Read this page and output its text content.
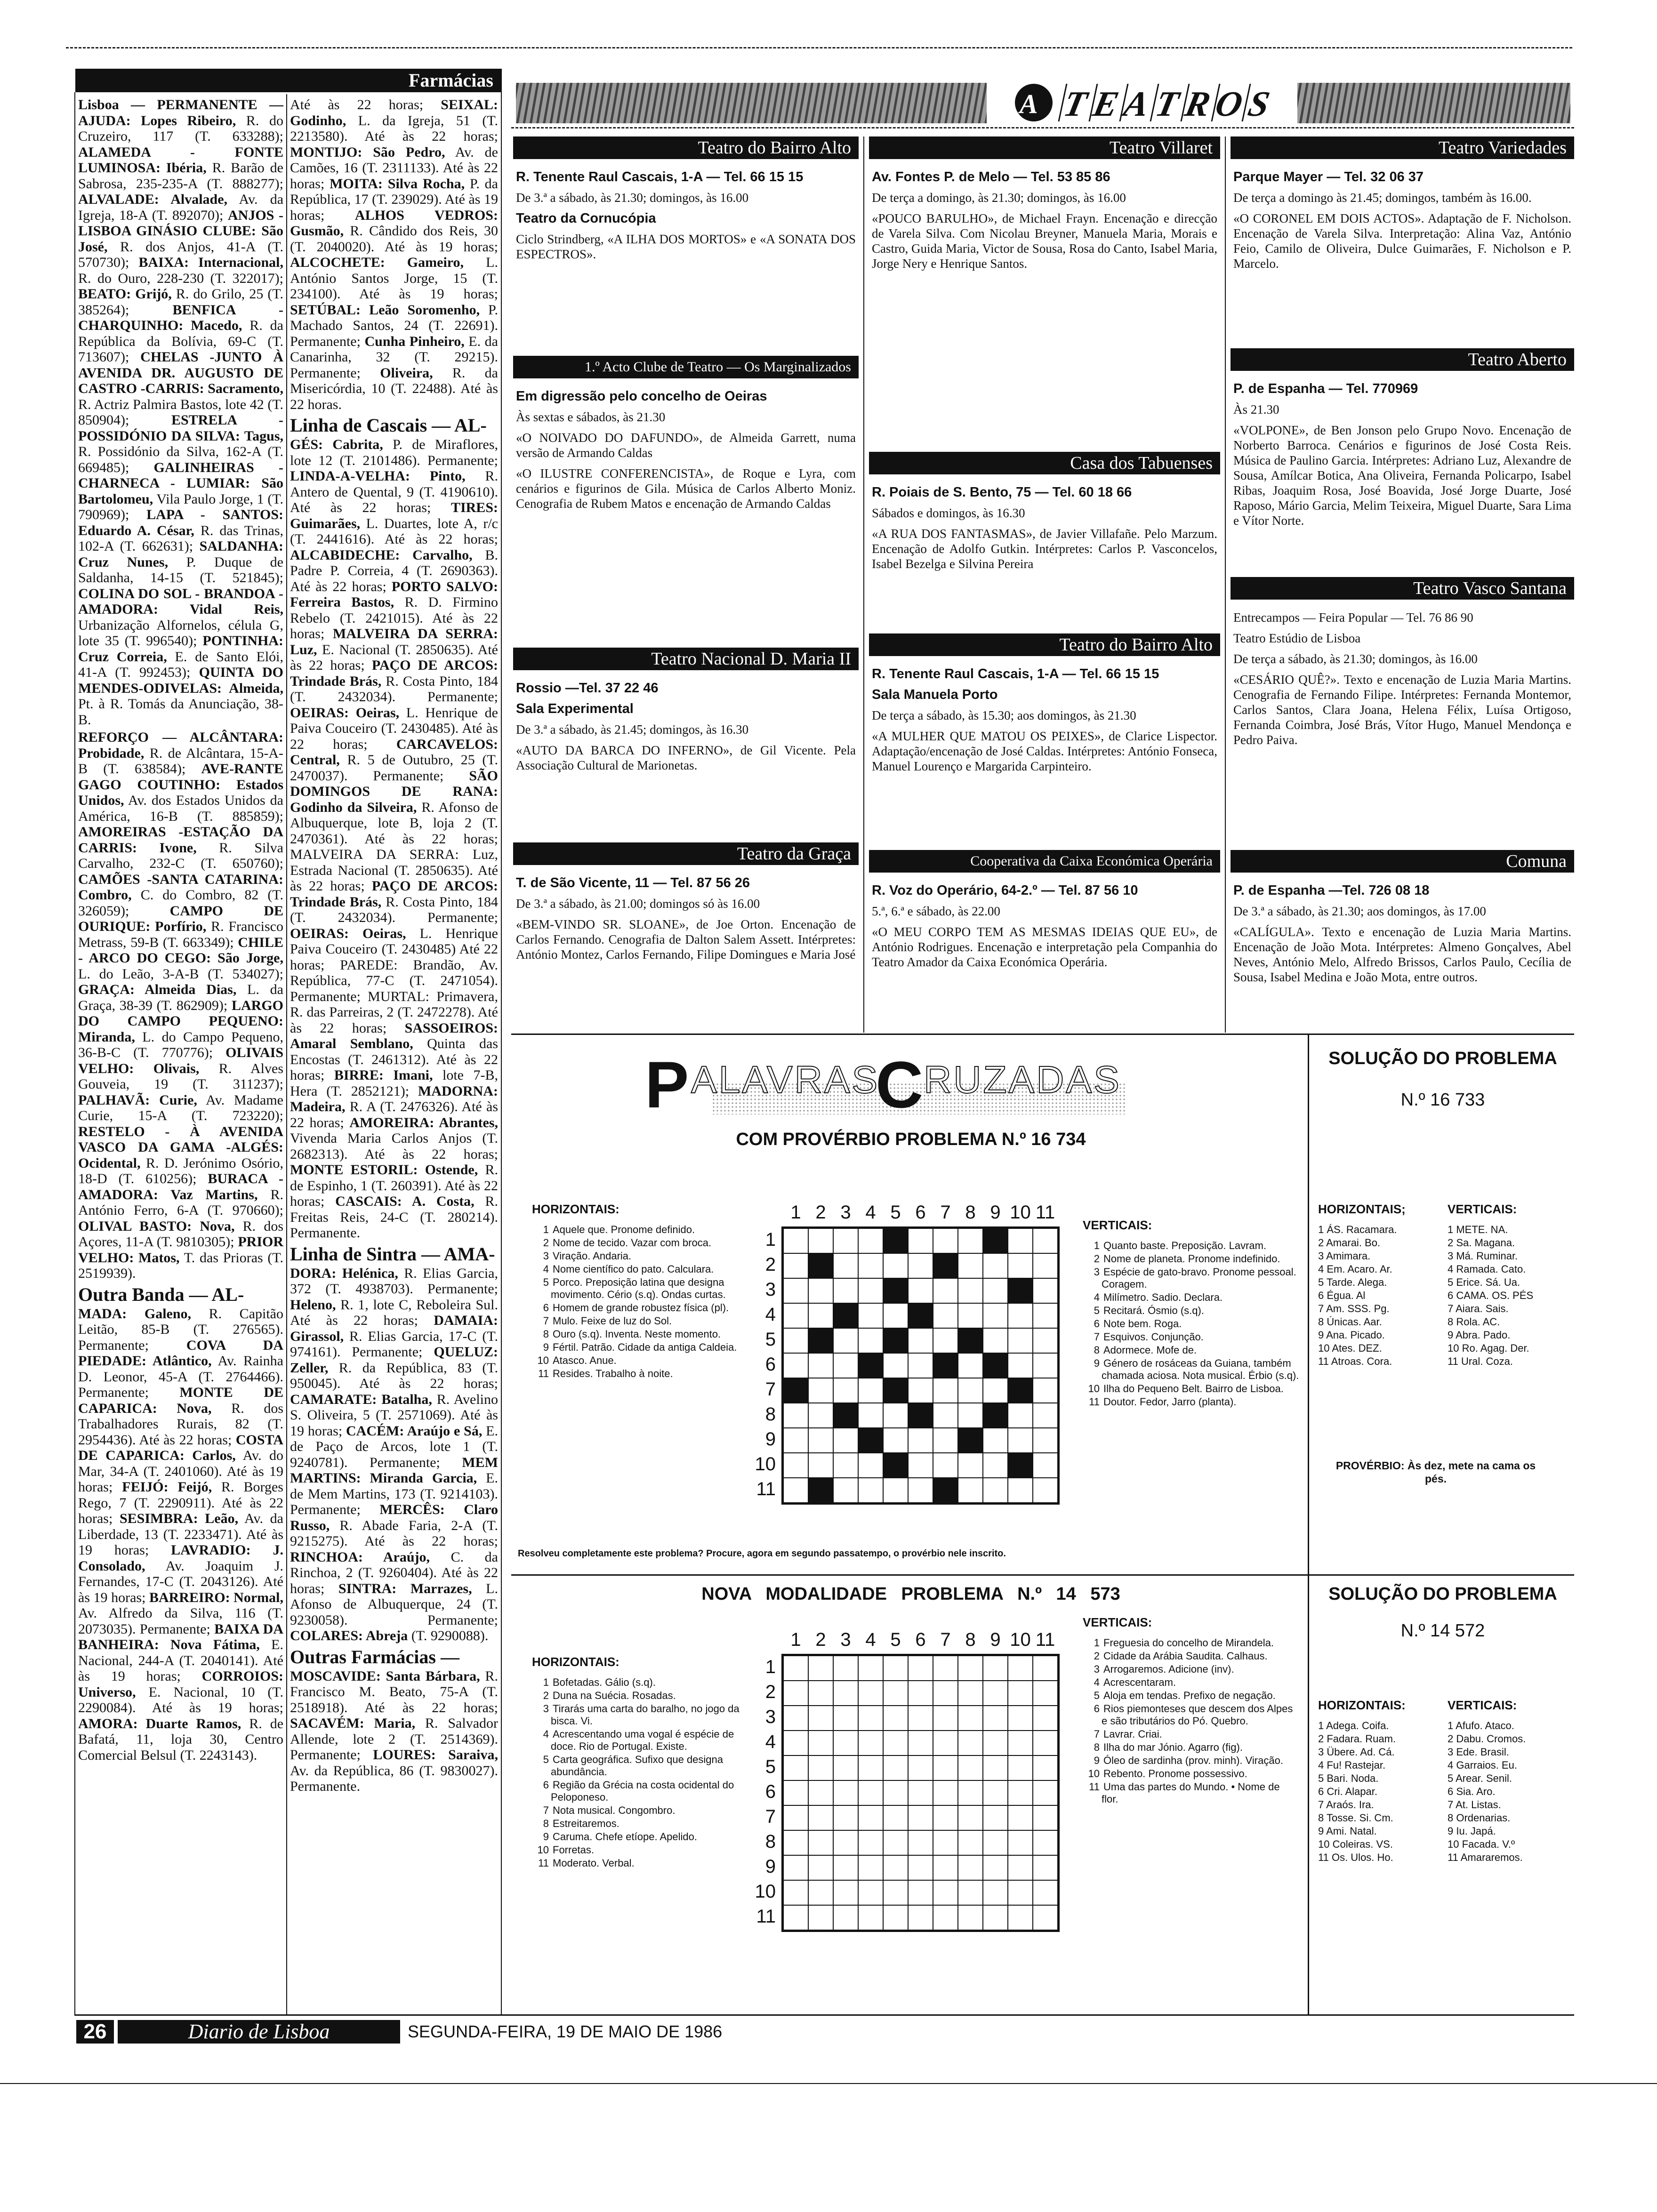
Farmácias

Lisboa — PERMANENTE — AJUDA: Lopes Ribeiro, R. do Cruzeiro, 117 (T. 633288); ALAMEDA - FONTE LUMINOSA: Ibéria, R. Barão de Sabrosa, 235-235-A (T. 888277); ALVALADE: Alvalade, Av. da Igreja, 18-A (T. 892070); ANJOS - LISBOA GINÁSIO CLUBE: São José, R. dos Anjos, 41-A (T. 570730); BAIXA: Internacional, R. do Ouro, 228-230 (T. 322017); BEATO: Grijó, R. do Grilo, 25 (T. 385264); BENFICA - CHARQUINHO: Macedo, R. da República da Bolívia, 69-C (T. 713607); CHELAS -JUNTO À AVENIDA DR. AUGUSTO DE CASTRO -CARRIS: Sacramento, R. Actriz Palmira Bastos, lote 42 (T. 850904); ESTRELA - POSSIDÓNIO DA SILVA: Tagus, R. Possidónio da Silva, 162-A (T. 669485); GALINHEIRAS -CHARNECA - LUMIAR: São Bartolomeu, Vila Paulo Jorge, 1 (T. 790969); LAPA - SANTOS: Eduardo A. César, R. das Trinas, 102-A (T. 662631); SALDANHA: Cruz Nunes, P. Duque de Saldanha, 14-15 (T. 521845); COLINA DO SOL - BRANDOA - AMADORA: Vidal Reis, Urbanização Alfornelos, célula G, lote 35 (T. 996540); PONTINHA: Cruz Correia, E. de Santo Elói, 41-A (T. 992453); QUINTA DO MENDES-ODIVELAS: Almeida, Pt. à R. Tomás da Anunciação, 38-B.

REFORÇO — ALCÂNTARA: Probidade, R. de Alcântara, 15-A-B (T. 638584); AVE-RANTE GAGO COUTINHO: Estados Unidos, Av. dos Estados Unidos da América, 16-B (T. 885859); AMOREIRAS -ESTAÇÃO DA CARRIS: Ivone, R. Silva Carvalho, 232-C (T. 650760); CAMÕES -SANTA CATARINA: Combro, C. do Combro, 82 (T. 326059); CAMPO DE OURIQUE: Porfírio, R. Francisco Metrass, 59-B (T. 663349); CHILE - ARCO DO CEGO: São Jorge, L. do Leão, 3-A-B (T. 534027); GRAÇA: Almeida Dias, L. da Graça, 38-39 (T. 862909); LARGO DO CAMPO PEQUENO: Miranda, L. do Campo Pequeno, 36-B-C (T. 770776); OLIVAIS VELHO: Olivais, R. Alves Gouveia, 19 (T. 311237); PALHAVÃ: Curie, Av. Madame Curie, 15-A (T. 723220); RESTELO - À AVENIDA VASCO DA GAMA -ALGÉS: Ocidental, R. D. Jerónimo Osório, 18-D (T. 610256); BURACA - AMADORA: Vaz Martins, R. António Ferro, 6-A (T. 970660); OLIVAL BASTO: Nova, R. dos Açores, 11-A (T. 9810305); PRIOR VELHO: Matos, T. das Prioras (T. 2519939).

Outra Banda — AL-

MADA: Galeno, R. Capitão Leitão, 85-B (T. 276565). Permanente; COVA DA PIEDADE: Atlântico, Av. Rainha D. Leonor, 45-A (T. 2764466). Permanente; MONTE DE CAPARICA: Nova, R. dos Trabalhadores Rurais, 82 (T. 2954436). Até às 22 horas; COSTA DE CAPARICA: Carlos, Av. do Mar, 34-A (T. 2401060). Até às 19 horas; FEIJÓ: Feijó, R. Borges Rego, 7 (T. 2290911). Até às 22 horas; SESIMBRA: Leão, Av. da Liberdade, 13 (T. 2233471). Até às 19 horas; LAVRADIO: J. Consolado, Av. Joaquim J. Fernandes, 17-C (T. 2043126). Até às 19 horas; BARREIRO: Normal, Av. Alfredo da Silva, 116 (T. 2073035). Permanente; BAIXA DA BANHEIRA: Nova Fátima, E. Nacional, 244-A (T. 2040141). Até às 19 horas; CORROIOS: Universo, E. Nacional, 10 (T. 2290084). Até às 19 horas; AMORA: Duarte Ramos, R. de Bafatá, 11, loja 30, Centro Comercial Belsul (T. 2243143).

Até às 22 horas; SEIXAL: Godinho, L. da Igreja, 51 (T. 2213580). Até às 22 horas; MONTIJO: São Pedro, Av. de Camões, 16 (T. 2311133). Até às 22 horas; MOITA: Silva Rocha, P. da República, 17 (T. 239029). Até às 19 horas; ALHOS VEDROS: Gusmão, R. Cândido dos Reis, 30 (T. 2040020). Até às 19 horas; ALCOCHETE: Gameiro, L. António Santos Jorge, 15 (T. 234100). Até às 19 horas; SETÚBAL: Leão Soromenho, P. Machado Santos, 24 (T. 22691). Permanente; Cunha Pinheiro, E. da Canarinha, 32 (T. 29215). Permanente; Oliveira, R. da Misericórdia, 10 (T. 22488). Até às 22 horas.

Linha de Cascais — AL-

GÉS: Cabrita, P. de Miraflores, lote 12 (T. 2101486). Permanente; LINDA-A-VELHA: Pinto, R. Antero de Quental, 9 (T. 4190610). Até às 22 horas; TIRES: Guimarães, L. Duartes, lote A, r/c (T. 2441616). Até às 22 horas; ALCABIDECHE: Carvalho, B. Padre P. Correia, 4 (T. 2690363). Até às 22 horas; PORTO SALVO: Ferreira Bastos, R. D. Firmino Rebelo (T. 2421015). Até às 22 horas; MALVEIRA DA SERRA: Luz, E. Nacional (T. 2850635). Até às 22 horas; PAÇO DE ARCOS: Trindade Brás, R. Costa Pinto, 184 (T. 2432034). Permanente; OEIRAS: Oeiras, L. Henrique de Paiva Couceiro (T. 2430485). Até às 22 horas; CARCAVELOS: Central, R. 5 de Outubro, 25 (T. 2470037). Permanente; SÃO DOMINGOS DE RANA: Godinho da Silveira, R. Afonso de Albuquerque, lote B, loja 2 (T. 2470361). Até às 22 horas; MALVEIRA DA SERRA: Luz, Estrada Nacional (T. 2850635). Até às 22 horas; PAÇO DE ARCOS: Trindade Brás, R. Costa Pinto, 184 (T. 2432034). Permanente; OEIRAS: Oeiras, L. Henrique Paiva Couceiro (T. 2430485) Até 22 horas; PAREDE: Brandão, Av. República, 77-C (T. 2471054). Permanente; MURTAL: Primavera, R. das Parreiras, 2 (T. 2472278). Até às 22 horas; SASSOEIROS: Amaral Semblano, Quinta das Encostas (T. 2461312). Até às 22 horas; BIRRE: Imani, lote 7-B, Hera (T. 2852121); MADORNA: Madeira, R. A (T. 2476326). Até às 22 horas; AMOREIRA: Abrantes, Vivenda Maria Carlos Anjos (T. 2682313). Até às 22 horas; MONTE ESTORIL: Ostende, R. de Espinho, 1 (T. 260391). Até às 22 horas; CASCAIS: A. Costa, R. Freitas Reis, 24-C (T. 280214). Permanente.

Linha de Sintra — AMA-

DORA: Helénica, R. Elias Garcia, 372 (T. 4938703). Permanente; Heleno, R. 1, lote C, Reboleira Sul. Até às 22 horas; DAMAIA: Girassol, R. Elias Garcia, 17-C (T. 974161). Permanente; QUELUZ: Zeller, R. da República, 83 (T. 950045). Até às 22 horas; CAMARATE: Batalha, R. Avelino S. Oliveira, 5 (T. 2571069). Até às 19 horas; CACÉM: Araújo e Sá, E. de Paço de Arcos, lote 1 (T. 9240781). Permanente; MEM MARTINS: Miranda Garcia, E. de Mem Martins, 173 (T. 9214103). Permanente; MERCÊS: Claro Russo, R. Abade Faria, 2-A (T. 9215275). Até às 22 horas; RINCHOA: Araújo, C. da Rinchoa, 2 (T. 9260404). Até às 22 horas; SINTRA: Marrazes, L. Afonso de Albuquerque, 24 (T. 9230058). Permanente; COLARES: Abreja (T. 9290088).

Outras Farmácias —

MOSCAVIDE: Santa Bárbara, R. Francisco M. Beato, 75-A (T. 2518918). Até às 22 horas; SACAVÉM: Maria, R. Salvador Allende, lote 2 (T. 2514369). Permanente; LOURES: Saraiva, Av. da República, 86 (T. 9830027). Permanente.

A T
E
A
T
R
O
S
Teatro do Bairro Alto

R. Tenente Raul Cascais, 1-A — Tel. 66 15 15

De 3.ª a sábado, às 21.30; domingos, às 16.00

Teatro da Cornucópia

Ciclo Strindberg, «A ILHA DOS MORTOS» e «A SONATA DOS ESPECTROS».

1.º Acto Clube de Teatro — Os Marginalizados

Em digressão pelo concelho de Oeiras

Às sextas e sábados, às 21.30

«O NOIVADO DO DAFUNDO», de Almeida Garrett, numa versão de Armando Caldas

«O ILUSTRE CONFERENCISTA», de Roque e Lyra, com cenários e figurinos de Gila. Música de Carlos Alberto Moniz. Cenografia de Rubem Matos e encenação de Armando Caldas

Teatro Nacional D. Maria II

Rossio —Tel. 37 22 46

Sala Experimental

De 3.ª a sábado, às 21.45; domingos, às 16.30

«AUTO DA BARCA DO INFERNO», de Gil Vicente. Pela Associação Cultural de Marionetas.

Teatro da Graça

T. de São Vicente, 11 — Tel. 87 56 26

De 3.ª a sábado, às 21.00; domingos só às 16.00

«BEM-VINDO SR. SLOANE», de Joe Orton. Encenação de Carlos Fernando. Cenografia de Dalton Salem Assett. Intérpretes: António Montez, Carlos Fernando, Filipe Domingues e Maria José

Teatro Villaret

Av. Fontes P. de Melo — Tel. 53 85 86

De terça a domingo, às 21.30; domingos, às 16.00

«POUCO BARULHO», de Michael Frayn. Encenação e direcção de Varela Silva. Com Nicolau Breyner, Manuela Maria, Morais e Castro, Guida Maria, Victor de Sousa, Rosa do Canto, Isabel Maria, Jorge Nery e Henrique Santos.

Casa dos Tabuenses

R. Poiais de S. Bento, 75 — Tel. 60 18 66

Sábados e domingos, às 16.30

«A RUA DOS FANTASMAS», de Javier Villafañe. Pelo Marzum. Encenação de Adolfo Gutkin. Intérpretes: Carlos P. Vasconcelos, Isabel Bezelga e Silvina Pereira

Teatro do Bairro Alto

R. Tenente Raul Cascais, 1-A — Tel. 66 15 15

Sala Manuela Porto

De terça a sábado, às 15.30; aos domingos, às 21.30

«A MULHER QUE MATOU OS PEIXES», de Clarice Lispector. Adaptação/encenação de José Caldas. Intérpretes: António Fonseca, Manuel Lourenço e Margarida Carpinteiro.

Cooperativa da Caixa Económica Operária

R. Voz do Operário, 64-2.º — Tel. 87 56 10

5.ª, 6.ª e sábado, às 22.00

«O MEU CORPO TEM AS MESMAS IDEIAS QUE EU», de António Rodrigues. Encenação e interpretação pela Companhia do Teatro Amador da Caixa Económica Operária.

Teatro Variedades

Parque Mayer — Tel. 32 06 37

De terça a domingo às 21.45; domingos, também às 16.00.

«O CORONEL EM DOIS ACTOS». Adaptação de F. Nicholson. Encenação de Varela Silva. Interpretação: Alina Vaz, António Feio, Camilo de Oliveira, Dulce Guimarães, F. Nicholson e P. Marcelo.

Teatro Aberto

P. de Espanha — Tel. 770969

Às 21.30

«VOLPONE», de Ben Jonson pelo Grupo Novo. Encenação de Norberto Barroca. Cenários e figurinos de José Costa Reis. Música de Paulino Garcia. Intérpretes: Adriano Luz, Alexandre de Sousa, Amílcar Botica, Ana Oliveira, Fernanda Policarpo, Isabel Ribas, Joaquim Rosa, José Boavida, José Jorge Duarte, José Raposo, Mário Garcia, Melim Teixeira, Miguel Duarte, Sara Lima e Vítor Norte.

Teatro Vasco Santana

Entrecampos — Feira Popular — Tel. 76 86 90

Teatro Estúdio de Lisboa

De terça a sábado, às 21.30; domingos, às 16.00

«CESÁRIO QUÊ?». Texto e encenação de Luzia Maria Martins. Cenografia de Fernando Filipe. Intérpretes: Fernanda Montemor, Carlos Santos, Clara Joana, Helena Félix, Luísa Ortigoso, Fernanda Coimbra, José Brás, Vítor Hugo, Manuel Mendonça e Pedro Paiva.

Comuna

P. de Espanha —Tel. 726 08 18

De 3.ª a sábado, às 21.30; aos domingos, às 17.00

«CALÍGULA». Texto e encenação de Luzia Maria Martins. Encenação de João Mota. Intérpretes: Almeno Gonçalves, Abel Neves, António Melo, Alfredo Brissos, Carlos Paulo, Cecília de Sousa, Isabel Medina e João Mota, entre outros.

P ALAVRAS
C RUZADAS
COM PROVÉRBIO PROBLEMA N.º 16 734
HORIZONTAIS:
1 Aquele que. Pronome definido.
2 Nome de tecido. Vazar com broca.
3 Viração. Andaria.
4 Nome científico do pato. Calculara.
5 Porco. Preposição latina que designa movimento. Cério (s.q). Ondas curtas.
6 Homem de grande robustez física (pl).
7 Mulo. Feixe de luz do Sol.
8 Ouro (s.q). Inventa. Neste momento.
9 Fértil. Patrão. Cidade da antiga Caldeia.
10 Atasco. Anue.
11 Resides. Trabalho à noite.
VERTICAIS:
1 Quanto baste. Preposição. Lavram.
2 Nome de planeta. Pronome indefinido.
3 Espécie de gato-bravo. Pronome pessoal. Coragem.
4 Milímetro. Sadio. Declara.
5 Recitará. Ósmio (s.q).
6 Note bem. Roga.
7 Esquivos. Conjunção.
8 Adormece. Mofe de.
9 Género de rosáceas da Guiana, também chamada aciosa. Nota musical. Érbio (s.q).
10 Ilha do Pequeno Belt. Bairro de Lisboa.
11 Doutor. Fedor, Jarro (planta).
1
1
2
2
3
3
4
4
5
5
6
6
7
7
8
8
9
9
10
10
11
11
Resolveu completamente este problema? Procure, agora em segundo passatempo, o provérbio nele inscrito.
SOLUÇÃO DO PROBLEMA
N.º 16 733
HORIZONTAIS;
1 ÁS. Racamara.
2 Amarai. Bo.
3 Amimara.
4 Em. Acaro. Ar.
5 Tarde. Alega.
6 Égua. Al
7 Am. SSS. Pg.
8 Únicas. Aar.
9 Ana. Picado.
10 Ates. DEZ.
11 Atroas. Cora.
VERTICAIS:
1 METE. NA.
2 Sa. Magana.
3 Má. Ruminar.
4 Ramada. Cato.
5 Erice. Sá. Ua.
6 CAMA. OS. PÉS
7 Aiara. Sais.
8 Rola. AC.
9 Abra. Pado.
10 Ro. Agag. Der.
11 Ural. Coza.
PROVÉRBIO: Às dez, mete na cama os pés.
NOVA MODALIDADE PROBLEMA N.º 14 573
HORIZONTAIS:
1 Bofetadas. Gálio (s.q).
2 Duna na Suécia. Rosadas.
3 Tirarás uma carta do baralho, no jogo da bisca. Vi.
4 Acrescentando uma vogal é espécie de doce. Rio de Portugal. Existe.
5 Carta geográfica. Sufixo que designa abundância.
6 Região da Grécia na costa ocidental do Peloponeso.
7 Nota musical. Congombro.
8 Estreitaremos.
9 Caruma. Chefe etíope. Apelido.
10 Forretas.
11 Moderato. Verbal.
VERTICAIS:
1 Freguesia do concelho de Mirandela.
2 Cidade da Arábia Saudita. Calhaus.
3 Arrogaremos. Adicione (inv).
4 Acrescentaram.
5 Aloja em tendas. Prefixo de negação.
6 Rios piemonteses que descem dos Alpes e são tributários do Pó. Quebro.
7 Lavrar. Criai.
8 Ilha do mar Jónio. Agarro (fig).
9 Óleo de sardinha (prov. minh). Viração.
10 Rebento. Pronome possessivo.
11 Uma das partes do Mundo. • Nome de flor.
1
1
2
2
3
3
4
4
5
5
6
6
7
7
8
8
9
9
10
10
11
11
SOLUÇÃO DO PROBLEMA
N.º 14 572
HORIZONTAIS:
1 Adega. Coifa.
2 Fadara. Ruam.
3 Übere. Ad. Cá.
4 Fu! Rastejar.
5 Bari. Noda.
6 Cri. Alapar.
7 Araós. Ira.
8 Tosse. Si. Cm.
9 Ami. Natal.
10 Coleiras. VS.
11 Os. Ulos. Ho.
VERTICAIS:
1 Afufo. Ataco.
2 Dabu. Cromos.
3 Ede. Brasil.
4 Garraios. Eu.
5 Arear. Senil.
6 Sia. Aro.
7 At. Listas.
8 Ordenarias.
9 Iu. Japá.
10 Facada. V.º
11 Amararemos.
26	Diario de Lisboa	SEGUNDA-FEIRA, 19 DE MAIO DE 1986
